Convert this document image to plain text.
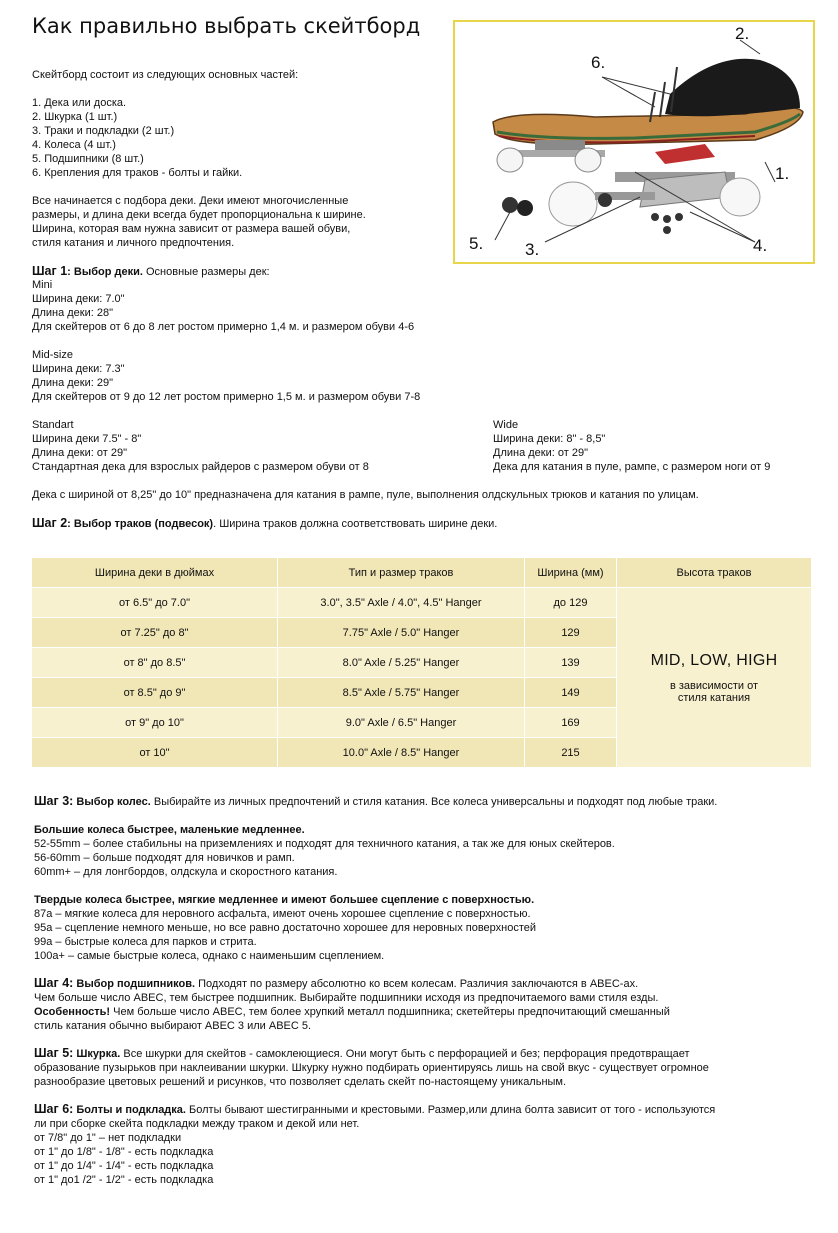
Как правильно выбрать скейтборд
Скейтборд состоит из следующих основных частей:
1. Дека или доска.
2. Шкурка (1 шт.)
3. Траки и подкладки (2 шт.)
4. Колеса (4 шт.)
5. Подшипники (8 шт.)
6. Крепления для траков - болты и гайки.
Все начинается с подбора деки. Деки имеют многочисленные
размеры, и длина деки всегда будет пропорциональна к ширине.
Ширина, которая вам нужна зависит от размера вашей обуви,
стиля катания и личного предпочтения.
2.
6.
1.
5. 3.	4.
Шаг 1: Выбор деки. Основные размеры дек:
Mini
Ширина деки: 7.0"
Длина деки: 28"
Для скейтеров от 6 до 8 лет ростом примерно 1,4 м. и размером обуви 4-6
Mid-size
Ширина деки: 7.3"
Длина деки: 29"
Для скейтеров от 9 до 12 лет ростом примерно 1,5 м. и размером обуви 7-8
Standart
Ширина деки 7.5" - 8"
Длина деки: от 29"
Стандартная дека для взрослых райдеров с размером обуви от 8
Wide
Ширина деки: 8" - 8,5"
Длина деки: от 29"
Дека для катания в пуле, рампе, с размером ноги от 9
Дека с шириной от 8,25" до 10" предназначена для катания в рампе, пуле, выполнения олдскульных трюков и катания по улицам.
Шаг 2: Выбор траков (подвесок). Ширина траков должна соответствовать ширине деки.
Ширина деки в дюймах	Тип и размер траков	Ширина (мм)	Высота траков
от 6.5" до 7.0"	3.0", 3.5" Axle / 4.0", 4.5" Hanger	до 129	MID, LOW, HIGH
в зависимости от
стиля катания

от 7.25" до 8"	7.75" Axle / 5.0" Hanger	129	
от 8" до 8.5"	8.0" Axle / 5.25" Hanger	139	
от 8.5" до 9"	8.5" Axle / 5.75" Hanger	149	
от 9" до 10"	9.0" Axle / 6.5" Hanger	169	
от 10"	10.0" Axle / 8.5" Hanger	215	
Шаг 3: Выбор колес. Выбирайте из личных предпочтений и стиля катания. Все колеса универсальны и подходят под любые траки.
Большие колеса быстрее, маленькие медленнее.
52-55mm – более стабильны на приземлениях и подходят для техничного катания, а так же для юных скейтеров.
56-60mm – больше подходят для новичков и рамп.
60mm+ – для лонгбордов, олдскула и скоростного катания.
Твердые колеса быстрее, мягкие медленнее и имеют большее сцепление с поверхностью.
87a – мягкие колеса для неровного асфальта, имеют очень хорошее сцепление с поверхностью.
95a – сцепление немного меньше, но все равно достаточно хорошее для неровных поверхностей
99a – быстрые колеса для парков и стрита.
100a+ – самые быстрые колеса, однако с наименьшим сцеплением.
Шаг 4: Выбор подшипников. Подходят по размеру абсолютно ко всем колесам. Различия заключаются в ABEC-ах.
Чем больше число ABEC, тем быстрее подшипник. Выбирайте подшипники исходя из предпочитаемого вами стиля езды.
Особенность! Чем больше число ABEC, тем более хрупкий металл подшипника; скетейтеры предпочитающий смешанный
стиль катания обычно выбирают ABEC 3 или ABEC 5.
Шаг 5: Шкурка. Все шкурки для скейтов - самоклеющиеся. Они могут быть с перфорацией и без; перфорация предотвращает
образование пузырьков при наклеивании шкурки. Шкурку нужно подбирать ориентируясь лишь на свой вкус - существует огромное
разнообразие цветовых решений и рисунков, что позволяет сделать скейт по-настоящему уникальным.
Шаг 6: Болты и подкладка. Болты бывают шестигранными и крестовыми. Размер,или длина болта зависит от того - используются
ли при сборке скейта подкладки между траком и декой или нет.
от 7/8" до 1" – нет подкладки
от 1" до 1/8" - 1/8" - есть подкладка
от 1" до 1/4" - 1/4" - есть подкладка
от 1" до1 /2" - 1/2" - есть подкладка
